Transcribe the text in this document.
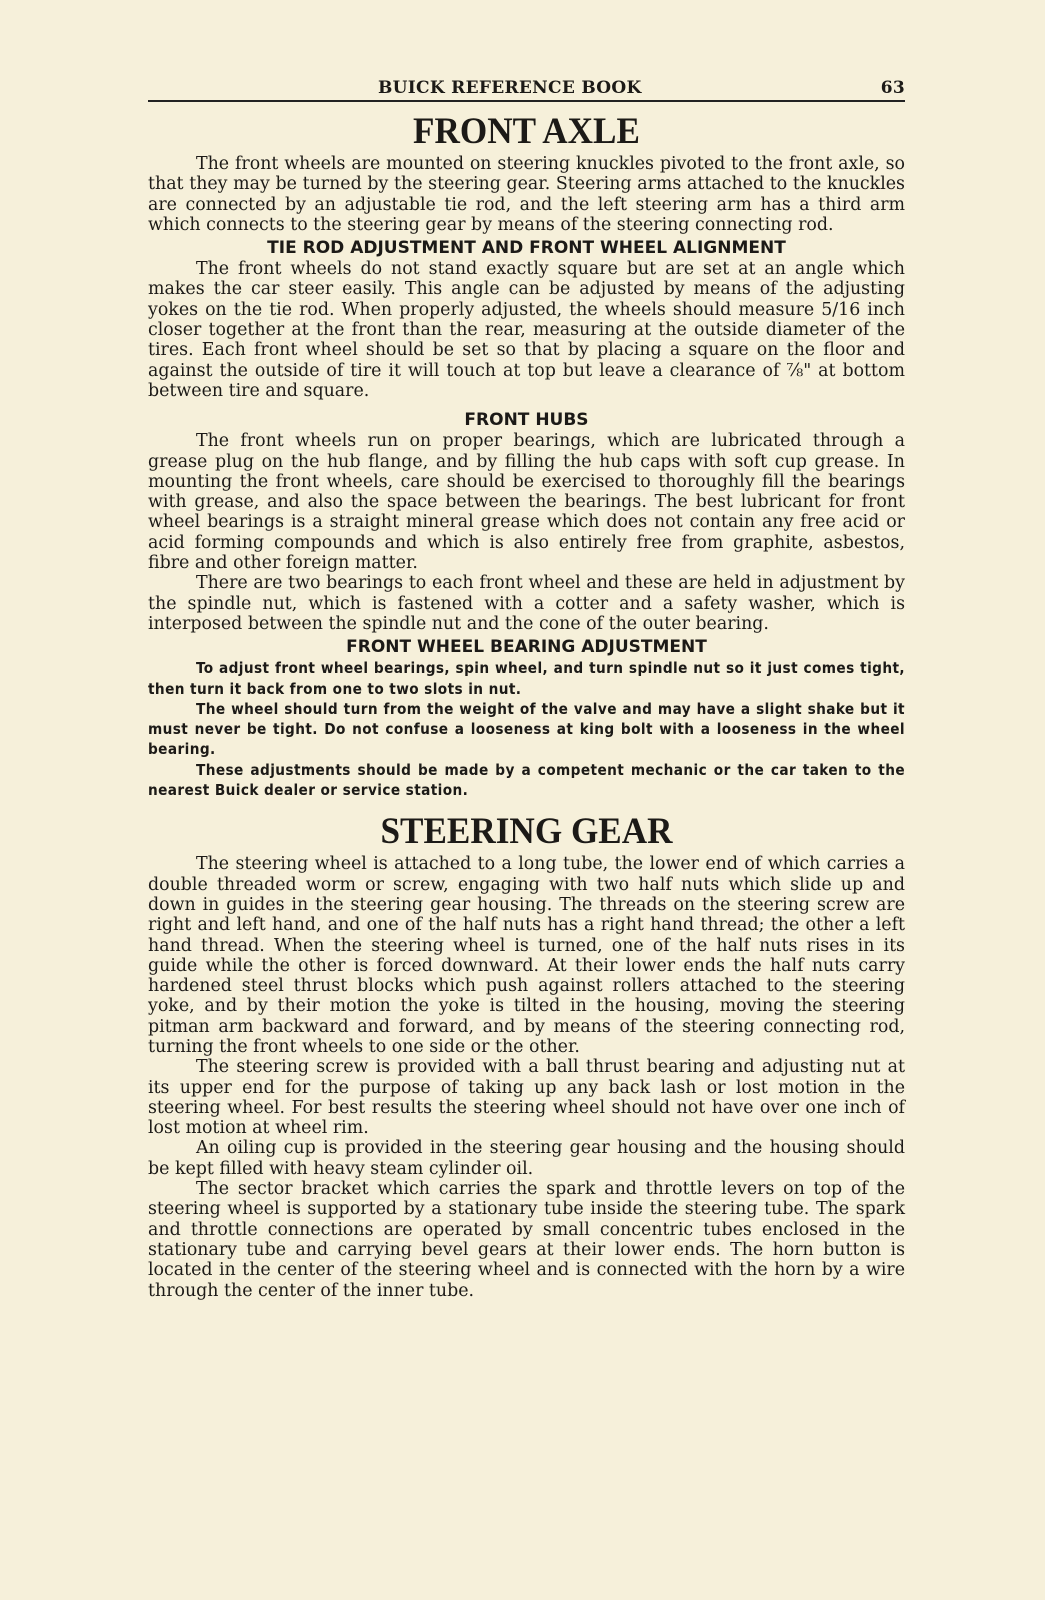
BUICK REFERENCE BOOK	63
FRONT AXLE

The front wheels are mounted on steering knuckles pivoted to the front axle, so that they may be turned by the steering gear. Steering arms attached to the knuckles are connected by an adjustable tie rod, and the left steering arm has a third arm which connects to the steering gear by means of the steering connecting rod.

TIE ROD ADJUSTMENT AND FRONT WHEEL ALIGNMENT

The front wheels do not stand exactly square but are set at an angle which makes the car steer easily. This angle can be adjusted by means of the adjusting yokes on the tie rod. When properly adjusted, the wheels should measure 5/16 inch closer together at the front than the rear, measuring at the outside diameter of the tires. Each front wheel should be set so that by placing a square on the floor and against the outside of tire it will touch at top but leave a clearance of ⅞" at bottom between tire and square.

FRONT HUBS

The front wheels run on proper bearings, which are lubricated through a grease plug on the hub flange, and by filling the hub caps with soft cup grease. In mounting the front wheels, care should be exercised to thoroughly fill the bearings with grease, and also the space between the bearings. The best lubricant for front wheel bearings is a straight mineral grease which does not contain any free acid or acid forming compounds and which is also entirely free from graphite, asbestos, fibre and other foreign matter.

There are two bearings to each front wheel and these are held in adjustment by the spindle nut, which is fastened with a cotter and a safety washer, which is interposed between the spindle nut and the cone of the outer bearing.

FRONT WHEEL BEARING ADJUSTMENT

To adjust front wheel bearings, spin wheel, and turn spindle nut so it just comes tight, then turn it back from one to two slots in nut.

The wheel should turn from the weight of the valve and may have a slight shake but it must never be tight. Do not confuse a looseness at king bolt with a looseness in the wheel bearing.

These adjustments should be made by a competent mechanic or the car taken to the nearest Buick dealer or service station.

STEERING GEAR

The steering wheel is attached to a long tube, the lower end of which carries a double threaded worm or screw, engaging with two half nuts which slide up and down in guides in the steering gear housing. The threads on the steering screw are right and left hand, and one of the half nuts has a right hand thread; the other a left hand thread. When the steering wheel is turned, one of the half nuts rises in its guide while the other is forced downward. At their lower ends the half nuts carry hardened steel thrust blocks which push against rollers attached to the steering yoke, and by their motion the yoke is tilted in the housing, moving the steering pitman arm backward and forward, and by means of the steering connecting rod, turning the front wheels to one side or the other.

The steering screw is provided with a ball thrust bearing and adjusting nut at its upper end for the purpose of taking up any back lash or lost motion in the steering wheel. For best results the steering wheel should not have over one inch of lost motion at wheel rim.

An oiling cup is provided in the steering gear housing and the housing should be kept filled with heavy steam cylinder oil.

The sector bracket which carries the spark and throttle levers on top of the steering wheel is supported by a stationary tube inside the steering tube. The spark and throttle connections are operated by small concentric tubes enclosed in the stationary tube and carrying bevel gears at their lower ends. The horn button is located in the center of the steering wheel and is connected with the horn by a wire through the center of the inner tube.
